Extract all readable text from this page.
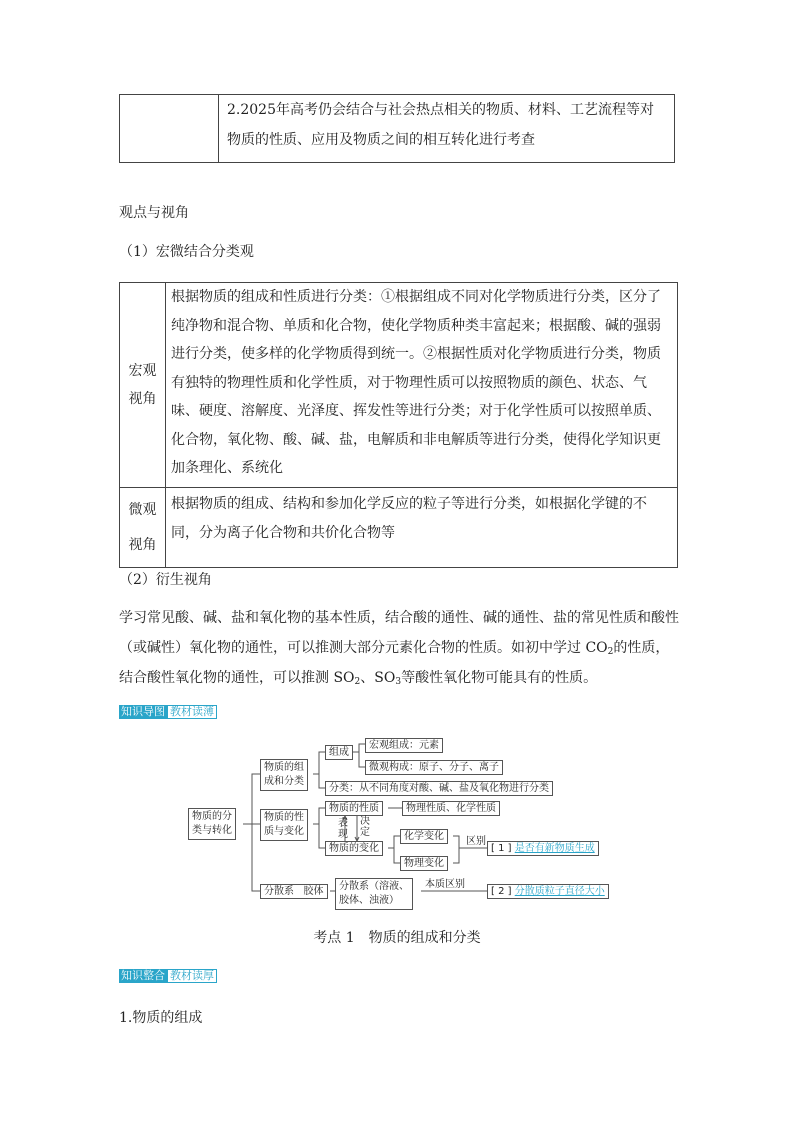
	2.2025年高考仍会结合与社会热点相关的物质、材料、工艺流程等对物质的性质、应用及物质之间的相互转化进行考查
观点与视角
（1）宏微结合分类观
宏观
视角	根据物质的组成和性质进行分类：①根据组成不同对化学物质进行分类，区分了纯净物和混合物、单质和化合物，使化学物质种类丰富起来；根据酸、碱的强弱进行分类，使多样的化学物质得到统一。②根据性质对化学物质进行分类，物质有独特的物理性质和化学性质，对于物理性质可以按照物质的颜色、状态、气味、硬度、溶解度、光泽度、挥发性等进行分类；对于化学性质可以按照单质、化合物，氧化物、酸、碱、盐，电解质和非电解质等进行分类，使得化学知识更加条理化、系统化

微观
视角	根据物质的组成、结构和参加化学反应的粒子等进行分类，如根据化学键的不同，分为离子化合物和共价化合物等
（2）衍生视角
学习常见酸、碱、盐和氧化物的基本性质，结合酸的通性、碱的通性、盐的常见性质和酸性（或碱性）氧化物的通性，可以推测大部分元素化合物的性质。如初中学过 $CO_2$的性质，结合酸性氧化物的通性，可以推测 $SO_2$、$SO_3$等酸性氧化物可能具有的性质。
知识导图 教材读薄
物质的分
类与转化
物质的组
成和分类
组成
宏观组成：元素
微观构成：原子、分子、离子
分类：从不同角度对酸、碱、盐及氧化物进行分类
物质的性
质与变化
物质的性质	物理性质、化学性质
表现
决定
物质的变化
化学变化
物理变化
区别
[ 1 ] 是否有新物质生成
分散系 胶体	分散系（溶液、
胶体、浊液）
本质区别
[ 2 ] 分散质粒子直径大小
考点 1　物质的组成和分类
知识整合 教材读厚
1.物质的组成
